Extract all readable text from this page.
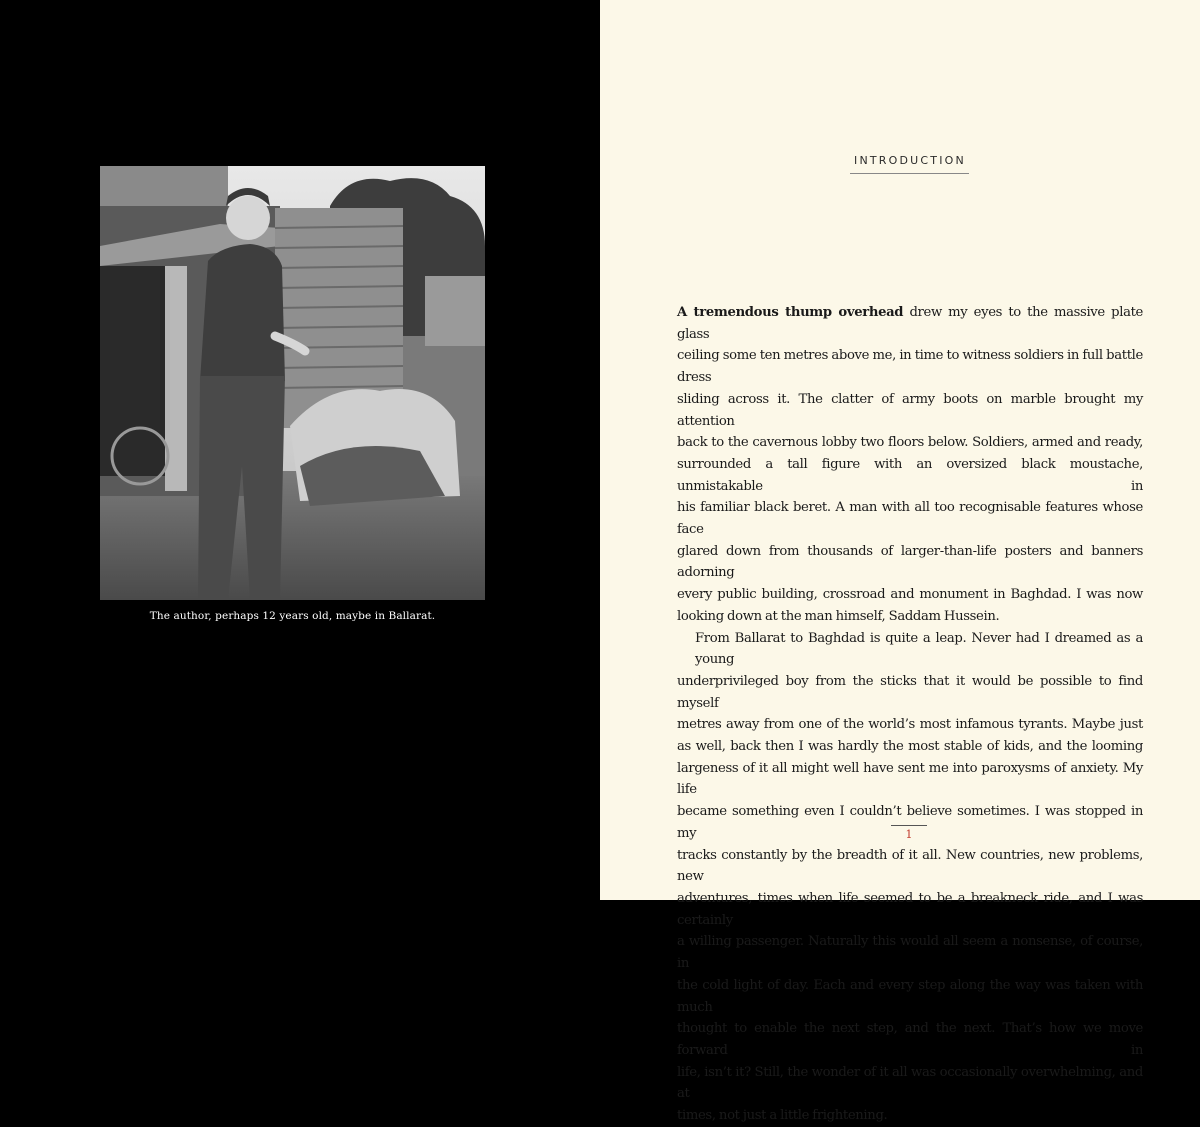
The author, perhaps 12 years old, maybe in Ballarat.
INTRODUCTION

A tremendous thump overhead drew my eyes to the massive plate glass

ceiling some ten metres above me, in time to witness soldiers in full battle dress

sliding across it. The clatter of army boots on marble brought my attention

back to the cavernous lobby two floors below. Soldiers, armed and ready,

surrounded a tall figure with an oversized black moustache, unmistakable in

his familiar black beret. A man with all too recognisable features whose face

glared down from thousands of larger-than-life posters and banners adorning

every public building, crossroad and monument in Baghdad. I was now

looking down at the man himself, Saddam Hussein.

From Ballarat to Baghdad is quite a leap. Never had I dreamed as a young

underprivileged boy from the sticks that it would be possible to find myself

metres away from one of the world’s most infamous tyrants. Maybe just

as well, back then I was hardly the most stable of kids, and the looming

largeness of it all might well have sent me into paroxysms of anxiety. My life

became something even I couldn’t believe sometimes. I was stopped in my

tracks constantly by the breadth of it all. New countries, new problems, new

adventures, times when life seemed to be a breakneck ride, and I was certainly

a willing passenger. Naturally this would all seem a nonsense, of course, in

the cold light of day. Each and every step along the way was taken with much

thought to enable the next step, and the next. That’s how we move forward in

life, isn’t it? Still, the wonder of it all was occasionally overwhelming, and at

times, not just a little frightening.

1
